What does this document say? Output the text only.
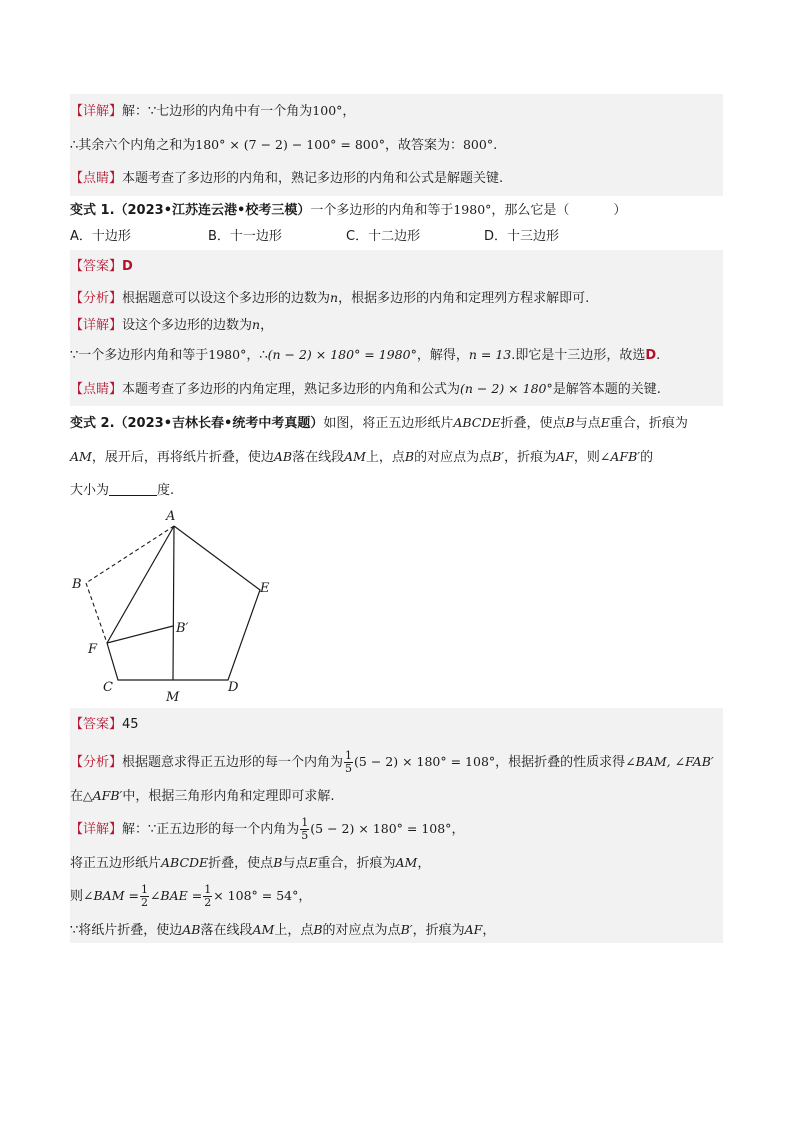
【详解】解：∵七边形的内角中有一个角为100°，
∴其余六个内角之和为180° × (7 − 2) − 100° = 800°，故答案为：800°.
【点睛】本题考查了多边形的内角和，熟记多边形的内角和公式是解题关键.
变式 1.（2023•江苏连云港•校考三模）一个多边形的内角和等于1980°，那么它是（	）
A．十边形	B．十一边形	C．十二边形	D．十三边形
【答案】D
【分析】根据题意可以设这个多边形的边数为n，根据多边形的内角和定理列方程求解即可.
【详解】设这个多边形的边数为n，
∵一个多边形内角和等于1980°，∴(n − 2) × 180° = 1980°，解得，n = 13.即它是十三边形，故选D.
【点睛】本题考查了多边形的内角定理，熟记多边形的内角和公式为(n − 2) × 180°是解答本题的关键.
变式 2.（2023•吉林长春•统考中考真题）如图，将正五边形纸片ABCDE折叠，使点B与点E重合，折痕为
AM，展开后，再将纸片折叠，使边AB落在线段AM上，点B的对应点为点B′，折痕为AF，则∠AFB′的
大小为	度.
A
B	E
B′
F
C	D
M
【答案】45
【分析】根据题意求得正五边形的每一个内角为 $\frac{1}{5} (5 - 2) \times 180^\circ = 108^\circ$，根据折叠的性质求得∠BAM, ∠FAB′
在△AFB′中，根据三角形内角和定理即可求解.
【详解】解：∵正五边形的每一个内角为 $\frac{1}{5} (5 - 2) \times 180^\circ = 108^\circ$，
将正五边形纸片ABCDE折叠，使点B与点E重合，折痕为AM，
则∠BAM = $\frac{1}{2}$ ∠BAE = $\frac{1}{2} \times 108^\circ = 54^\circ$，
∵将纸片折叠，使边AB落在线段AM上，点B的对应点为点B′，折痕为AF，
